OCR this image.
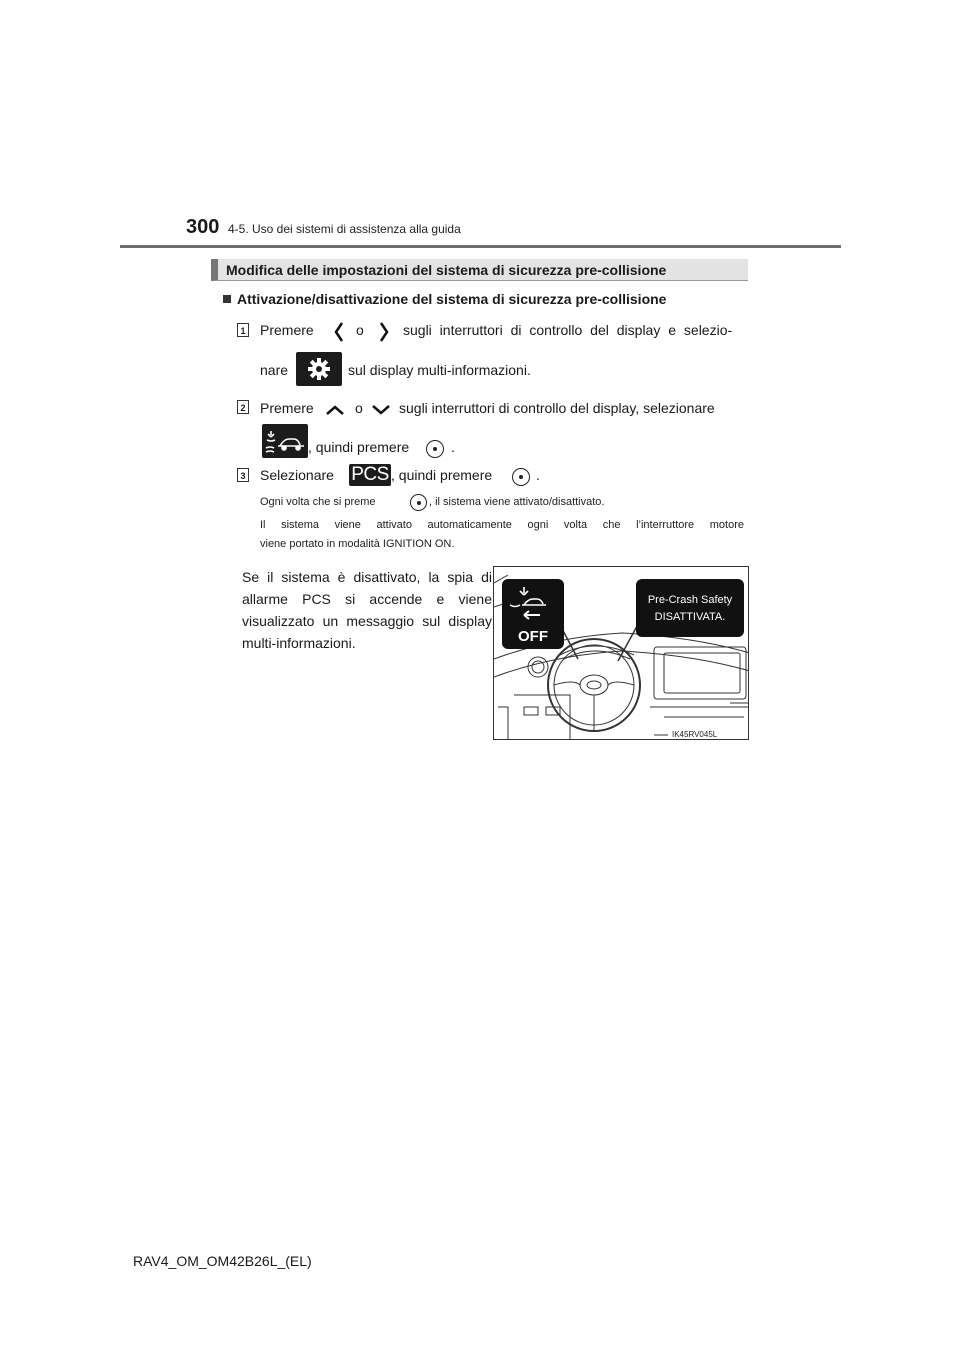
300 4-5. Uso dei sistemi di assistenza alla guida
Modifica delle impostazioni del sistema di sicurezza pre-collisione
Attivazione/disattivazione del sistema di sicurezza pre-collisione
1 Premere	o	sugli interruttori di controllo del display e selezio-
nare	sul display multi-informazioni.
2 Premere	o	sugli interruttori di controllo del display, selezionare
, quindi premere	.
3 Selezionare PCS , quindi premere	.
Ogni volta che si preme	, il sistema viene attivato/disattivato.
Il sistema viene attivato automaticamente ogni volta che l’interruttore motore
viene portato in modalità IGNITION ON.
Se il sistema è disattivato, la spia di allarme PCS si accende e viene visualizzato un messaggio sul display multi-informazioni.	OFF
Pre-Crash Safety
DISATTIVATA.
IK45RV045L
RAV4_OM_OM42B26L_(EL)
